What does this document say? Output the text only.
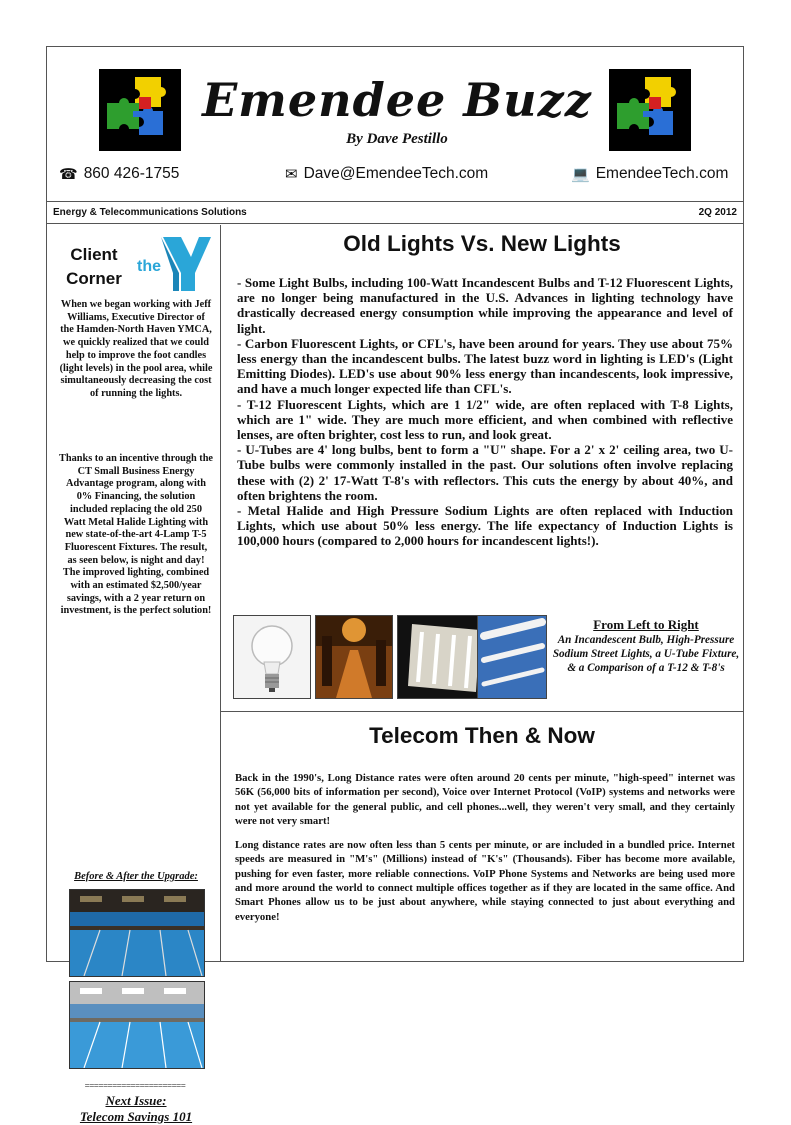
Emendee Buzz
By Dave Pestillo
☎ 860 426-1755	✉ Dave@EmendeeTech.com	💻 EmendeeTech.com
Energy & Telecommunications Solutions	2Q 2012
Client
Corner
the
When we began working with Jeff Williams, Executive Director of the Hamden-North Haven YMCA, we quickly realized that we could help to improve the foot candles (light levels) in the pool area, while simultaneously decreasing the cost of running the lights.
Thanks to an incentive through the CT Small Business Energy Advantage program, along with 0% Financing, the solution included replacing the old 250 Watt Metal Halide Lighting with new state-of-the-art 4-Lamp T-5 Fluorescent Fixtures. The result, as seen below, is night and day! The improved lighting, combined with an estimated $2,500/year savings, with a 2 year return on investment, is the perfect solution!
Before & After the Upgrade:
======================
Next Issue:
Telecom Savings 101
Old Lights Vs. New Lights

- Some Light Bulbs, including 100-Watt Incandescent Bulbs and T-12 Fluorescent Lights, are no longer being manufactured in the U.S. Advances in lighting technology have drastically decreased energy consumption while improving the appearance and level of light.

- Carbon Fluorescent Lights, or CFL's, have been around for years. They use about 75% less energy than the incandescent bulbs. The latest buzz word in lighting is LED's (Light Emitting Diodes). LED's use about 90% less energy than incandescents, look impressive, and have a much longer expected life than CFL's.

- T-12 Fluorescent Lights, which are 1 1/2" wide, are often replaced with T-8 Lights, which are 1" wide. They are much more efficient, and when combined with reflective lenses, are often brighter, cost less to run, and look great.

- U-Tubes are 4' long bulbs, bent to form a "U" shape. For a 2' x 2' ceiling area, two U-Tube bulbs were commonly installed in the past. Our solutions often involve replacing these with (2) 2' 17-Watt T-8's with reflectors. This cuts the energy by about 40%, and often brightens the room.

- Metal Halide and High Pressure Sodium Lights are often replaced with Induction Lights, which use about 50% less energy. The life expectancy of Induction Lights is 100,000 hours (compared to 2,000 hours for incandescent lights!).

From Left to Right
An Incandescent Bulb, High-Pressure Sodium Street Lights, a U-Tube Fixture, & a Comparison of a T-12 & T-8's
Telecom Then & Now

Back in the 1990's, Long Distance rates were often around 20 cents per minute, "high-speed" internet was 56K (56,000 bits of information per second), Voice over Internet Protocol (VoIP) systems and networks were not yet available for the general public, and cell phones...well, they weren't very small, and they certainly were not very smart!

Long distance rates are now often less than 5 cents per minute, or are included in a bundled price. Internet speeds are measured in "M's" (Millions) instead of "K's" (Thousands). Fiber has become more available, pushing for even faster, more reliable connections. VoIP Phone Systems and Networks are being used more and more around the world to connect multiple offices together as if they are located in the same office. And Smart Phones allow us to be just about anywhere, while staying connected to just about everything and everyone!
